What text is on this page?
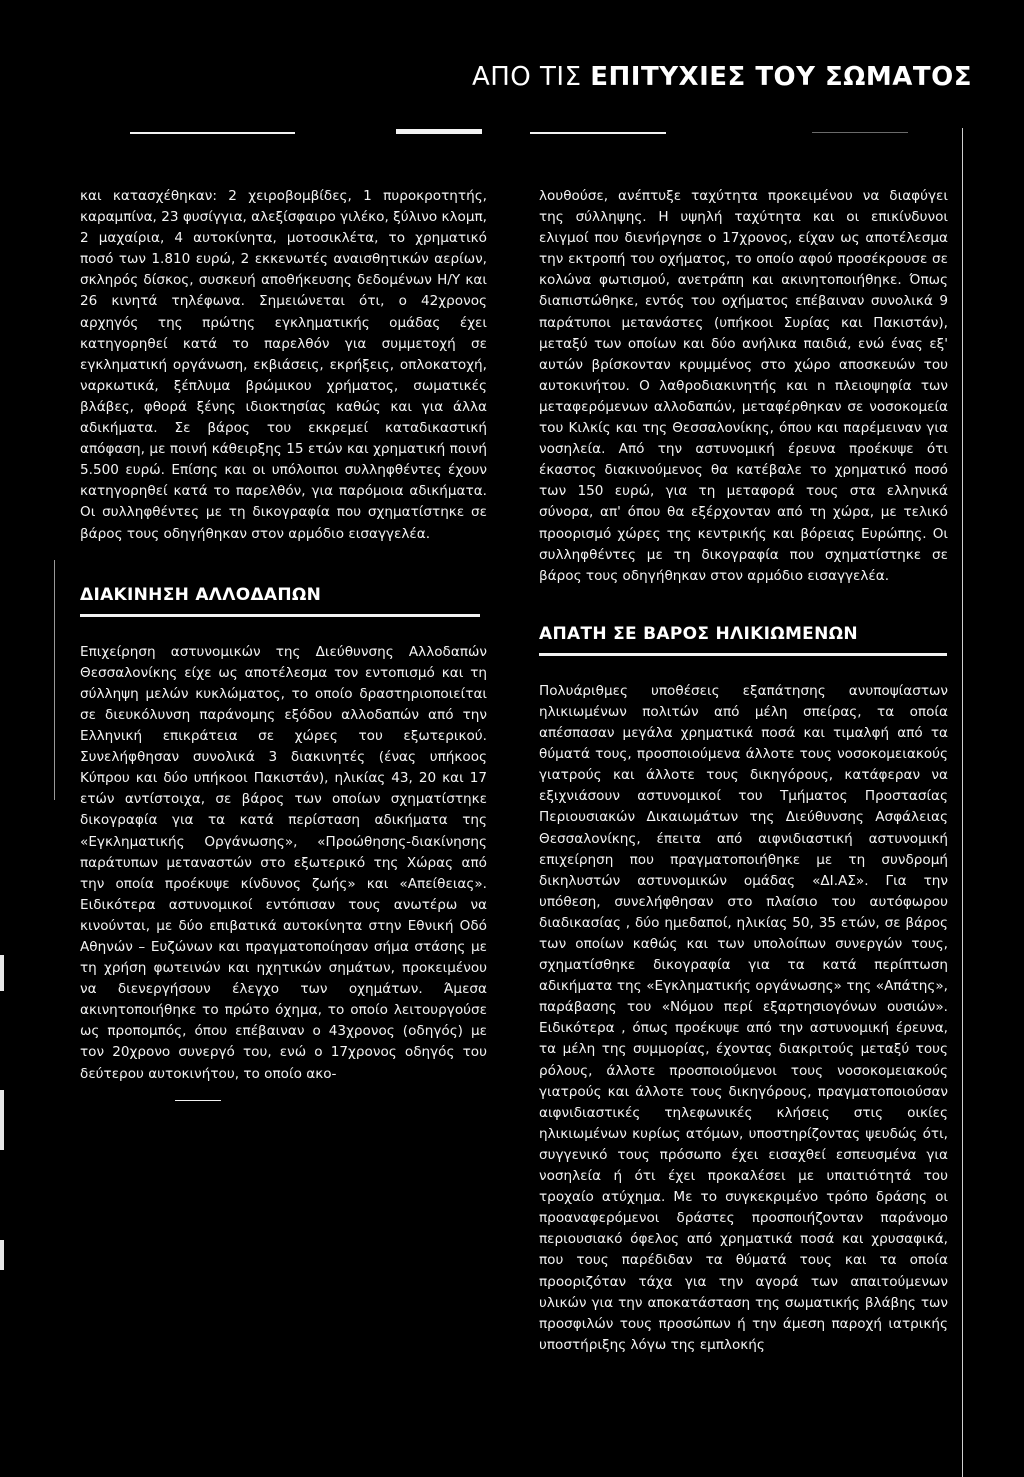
ΑΠΟ ΤΙΣ ΕΠΙΤΥΧΙΕΣ ΤΟΥ ΣΩΜΑΤΟΣ

και κατασχέθηκαν: 2 χειροβομβίδες, 1 πυροκροτητής, καραμπίνα, 23 φυσίγγια, αλεξίσφαιρο γιλέκο, ξύλινο κλομπ, 2 μαχαίρια, 4 αυτοκίνητα, μοτοσικλέτα, το χρηματικό ποσό των 1.810 ευρώ, 2 εκκενωτές αναισθητικών αερίων, σκληρός δίσκος, συσκευή αποθήκευσης δεδομένων Η/Υ και 26 κινητά τηλέφωνα. Σημειώνεται ότι, ο 42χρονος αρχηγός της πρώτης εγκληματικής ομάδας έχει κατηγορηθεί κατά το παρελθόν για συμμετοχή σε εγκληματική οργάνωση, εκβιάσεις, εκρήξεις, οπλοκατοχή, ναρκωτικά, ξέπλυμα βρώμικου χρήματος, σωματικές βλάβες, φθορά ξένης ιδιοκτησίας καθώς και για άλλα αδικήματα. Σε βάρος του εκκρεμεί καταδικαστική απόφαση, με ποινή κάθειρξης 15 ετών και χρηματική ποινή 5.500 ευρώ. Επίσης και οι υπόλοιποι συλληφθέντες έχουν κατηγορηθεί κατά το παρελθόν, για παρόμοια αδικήματα. Οι συλληφθέντες με τη δικογραφία που σχηματίστηκε σε βάρος τους οδηγήθηκαν στον αρμόδιο εισαγγελέα.

ΔΙΑΚΙΝΗΣΗ ΑΛΛΟΔΑΠΩΝ

Επιχείρηση αστυνομικών της Διεύθυνσης Αλλοδαπών Θεσσαλονίκης είχε ως αποτέλεσμα τον εντοπισμό και τη σύλληψη μελών κυκλώματος, το οποίο δραστηριοποιείται σε διευκόλυνση παράνομης εξόδου αλλοδαπών από την Ελληνική επικράτεια σε χώρες του εξωτερικού. Συνελήφθησαν συνολικά 3 διακινητές (ένας υπήκοος Κύπρου και δύο υπήκοοι Πακιστάν), ηλικίας 43, 20 και 17 ετών αντίστοιχα, σε βάρος των οποίων σχηματίστηκε δικογραφία για τα κατά περίσταση αδικήματα της «Εγκληματικής Οργάνωσης», «Προώθησης-διακίνησης παράτυπων μεταναστών στο εξωτερικό της Χώρας από την οποία προέκυψε κίνδυνος ζωής» και «Απείθειας». Ειδικότερα αστυνομικοί εντόπισαν τους ανωτέρω να κινούνται, με δύο επιβατικά αυτοκίνητα στην Εθνική Οδό Αθηνών – Ευζώνων και πραγματοποίησαν σήμα στάσης με τη χρήση φωτεινών και ηχητικών σημάτων, προκειμένου να διενεργήσουν έλεγχο των οχημάτων. Άμεσα ακινητοποιήθηκε το πρώτο όχημα, το οποίο λειτουργούσε ως προπομπός, όπου επέβαιναν ο 43χρονος (οδηγός) με τον 20χρονο συνεργό του, ενώ ο 17χρονος οδηγός του δεύτερου αυτοκινήτου, το οποίο ακο-

λουθούσε, ανέπτυξε ταχύτητα προκειμένου να διαφύγει της σύλληψης. Η υψηλή ταχύτητα και οι επικίνδυνοι ελιγμοί που διενήργησε ο 17χρονος, είχαν ως αποτέλεσμα την εκτροπή του οχήματος, το οποίο αφού προσέκρουσε σε κολώνα φωτισμού, ανετράπη και ακινητοποιήθηκε. Όπως διαπιστώθηκε, εντός του οχήματος επέβαιναν συνολικά 9 παράτυποι μετανάστες (υπήκοοι Συρίας και Πακιστάν), μεταξύ των οποίων και δύο ανήλικα παιδιά, ενώ ένας εξ' αυτών βρίσκονταν κρυμμένος στο χώρο αποσκευών του αυτοκινήτου. Ο λαθροδιακινητής και n πλειοψηφία των μεταφερόμενων αλλοδαπών, μεταφέρθηκαν σε νοσοκομεία του Κιλκίς και της Θεσσαλονίκης, όπου και παρέμειναν για νοσηλεία. Από την αστυνομική έρευνα προέκυψε ότι έκαστος διακινούμενος θα κατέβαλε το χρηματικό ποσό των 150 ευρώ, για τη μεταφορά τους στα ελληνικά σύνορα, απ' όπου θα εξέρχονταν από τη χώρα, με τελικό προορισμό χώρες της κεντρικής και βόρειας Ευρώπης. Οι συλληφθέντες με τη δικογραφία που σχηματίστηκε σε βάρος τους οδηγήθηκαν στον αρμόδιο εισαγγελέα.

ΑΠΑΤΗ ΣΕ ΒΑΡΟΣ ΗΛΙΚΙΩΜΕΝΩΝ

Πολυάριθμες υποθέσεις εξαπάτησης ανυποψίαστων ηλικιωμένων πολιτών από μέλη σπείρας, τα οποία απέσπασαν μεγάλα χρηματικά ποσά και τιμαλφή από τα θύματά τους, προσποιούμενα άλλοτε τους νοσοκομειακούς γιατρούς και άλλοτε τους δικηγόρους, κατάφεραν να εξιχνιάσουν αστυνομικοί του Τμήματος Προστασίας Περιουσιακών Δικαιωμάτων της Διεύθυνσης Ασφάλειας Θεσσαλονίκης, έπειτα από αιφνιδιαστική αστυνομική επιχείρηση που πραγματοποιήθηκε με τη συνδρομή δικηλυστών αστυνομικών ομάδας «ΔΙ.ΑΣ». Για την υπόθεση, συνελήφθησαν στο πλαίσιο του αυτόφωρου διαδικασίας , δύο ημεδαποί, ηλικίας 50, 35 ετών, σε βάρος των οποίων καθώς και των υπολοίπων συνεργών τους, σχηματίσθηκε δικογραφία για τα κατά περίπτωση αδικήματα της «Εγκληματικής οργάνωσης» της «Απάτης», παράβασης του «Νόμου περί εξαρτησιογόνων ουσιών». Ειδικότερα , όπως προέκυψε από την αστυνομική έρευνα, τα μέλη της συμμορίας, έχοντας διακριτούς μεταξύ τους ρόλους, άλλοτε προσποιούμενοι τους νοσοκομειακούς γιατρούς και άλλοτε τους δικηγόρους, πραγματοποιούσαν αιφνιδιαστικές τηλεφωνικές κλήσεις στις οικίες ηλικιωμένων κυρίως ατόμων, υποστηρίζοντας ψευδώς ότι, συγγενικό τους πρόσωπο έχει εισαχθεί εσπευσμένα για νοσηλεία ή ότι έχει προκαλέσει με υπαιτιότητά του τροχαίο ατύχημα. Με το συγκεκριμένο τρόπο δράσης οι προαναφερόμενοι δράστες προσποιήζονταν παράνομο περιουσιακό όφελος από χρηματικά ποσά και χρυσαφικά, που τους παρέδιδαν τα θύματά τους και τα οποία προοριζόταν τάχα για την αγορά των απαιτούμενων υλικών για την αποκατάσταση της σωματικής βλάβης των προσφιλών τους προσώπων ή την άμεση παροχή ιατρικής υποστήριξης λόγω της εμπλοκής
